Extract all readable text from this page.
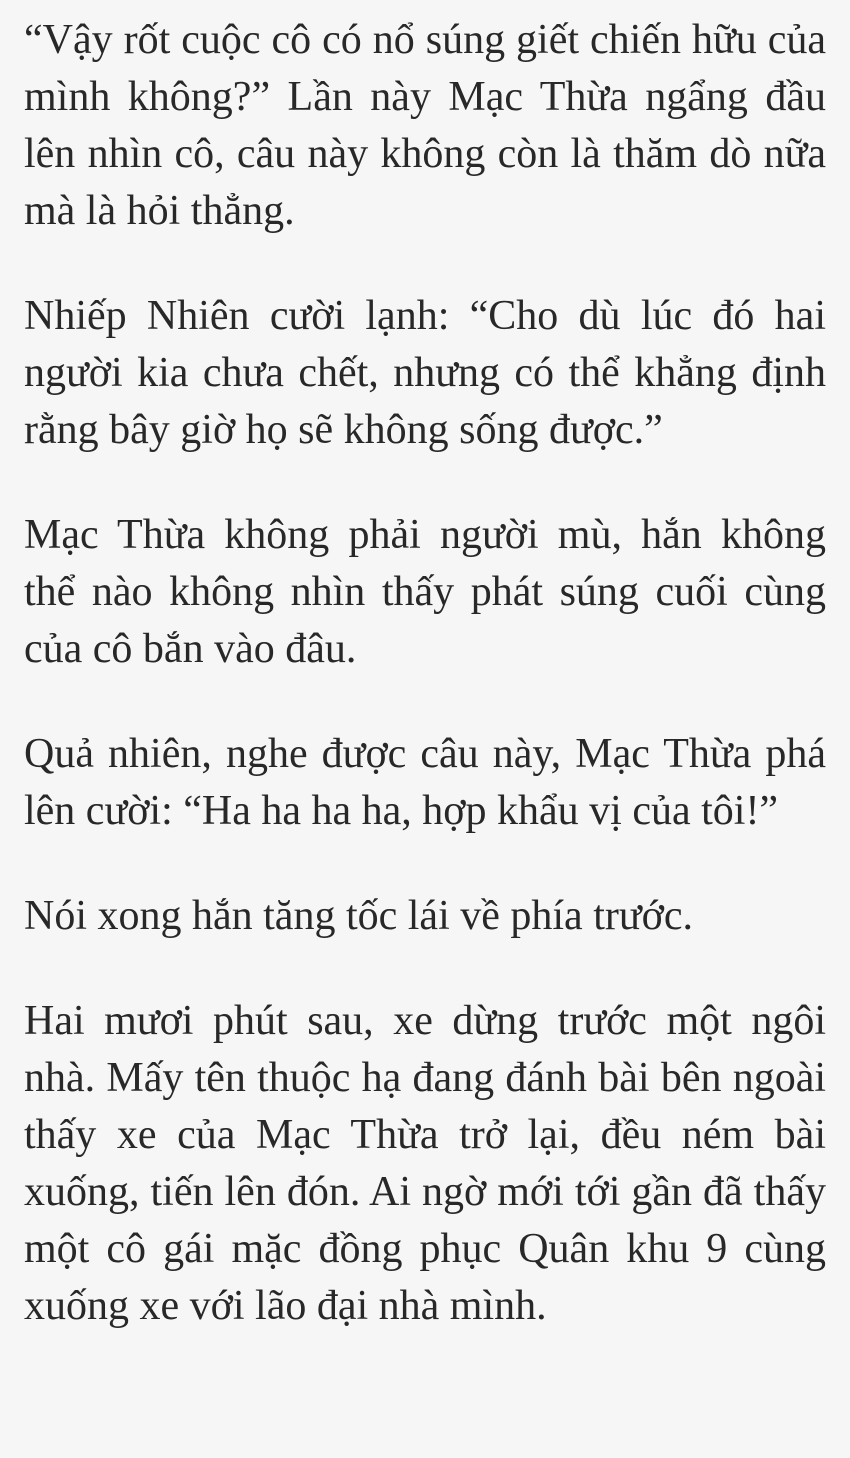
“Vậy rốt cuộc cô có nổ súng giết chiến hữu của mình không?” Lần này Mạc Thừa ngẩng đầu lên nhìn cô, câu này không còn là thăm dò nữa mà là hỏi thẳng.

Nhiếp Nhiên cười lạnh: “Cho dù lúc đó hai người kia chưa chết, nhưng có thể khẳng định rằng bây giờ họ sẽ không sống được.”

Mạc Thừa không phải người mù, hắn không thể nào không nhìn thấy phát súng cuối cùng của cô bắn vào đâu.

Quả nhiên, nghe được câu này, Mạc Thừa phá lên cười: “Ha ha ha ha, hợp khẩu vị của tôi!”

Nói xong hắn tăng tốc lái về phía trước.

Hai mươi phút sau, xe dừng trước một ngôi nhà. Mấy tên thuộc hạ đang đánh bài bên ngoài thấy xe của Mạc Thừa trở lại, đều ném bài xuống, tiến lên đón. Ai ngờ mới tới gần đã thấy một cô gái mặc đồng phục Quân khu 9 cùng xuống xe với lão đại nhà mình.
